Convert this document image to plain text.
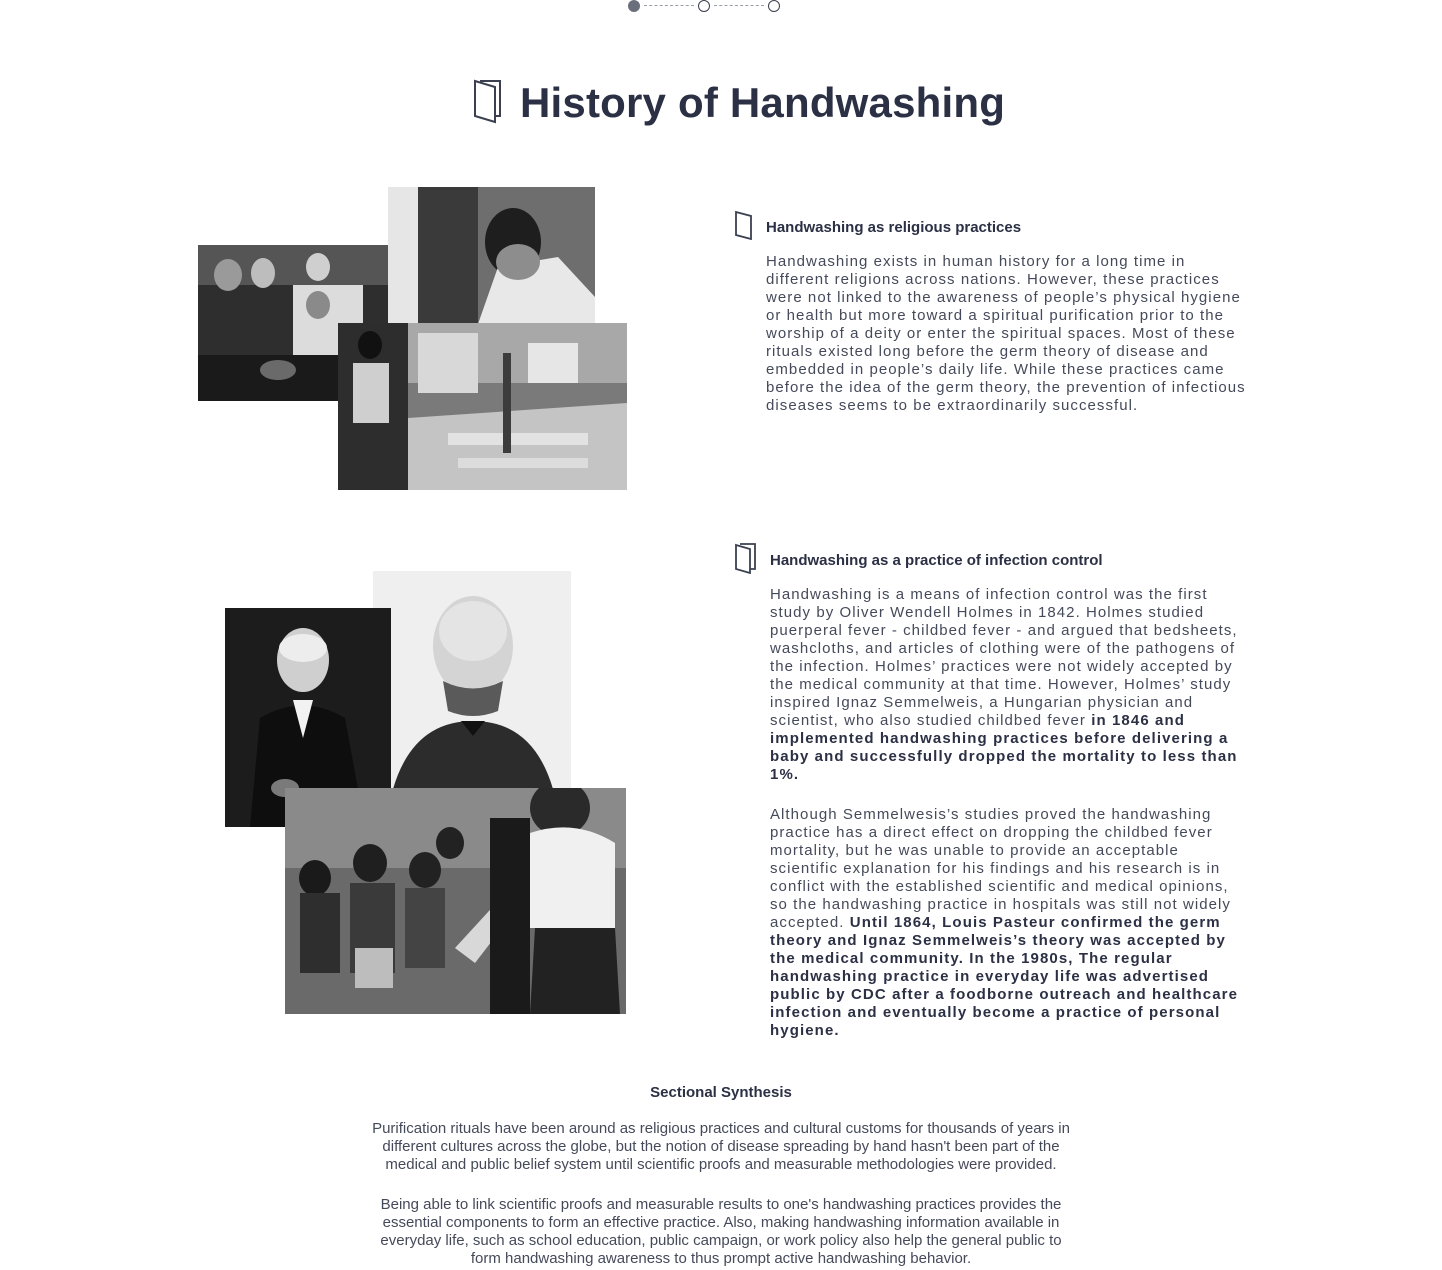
History of Handwashing
Handwashing as religious practices

Handwashing exists in human history for a long time in different religions across nations. However, these practices were not linked to the awareness of people’s physical hygiene or health but more toward a spiritual purification prior to the worship of a deity or enter the spiritual spaces. Most of these rituals existed long before the germ theory of disease and embedded in people’s daily life. While these practices came before the idea of the germ theory, the prevention of infectious diseases seems to be extraordinarily successful.

Handwashing as a practice of infection control

Handwashing is a means of infection control was the first study by Oliver Wendell Holmes in 1842. Holmes studied puerperal fever - childbed fever - and argued that bedsheets, washcloths, and articles of clothing were of the pathogens of the infection. Holmes’ practices were not widely accepted by the medical community at that time. However, Holmes’ study inspired Ignaz Semmelweis, a Hungarian physician and scientist, who also studied childbed fever in 1846 and implemented handwashing practices before delivering a baby and successfully dropped the mortality to less than 1%.

Although Semmelwesis’s studies proved the handwashing practice has a direct effect on dropping the childbed fever mortality, but he was unable to provide an acceptable scientific explanation for his findings and his research is in conflict with the established scientific and medical opinions, so the handwashing practice in hospitals was still not widely accepted. Until 1864, Louis Pasteur confirmed the germ theory and Ignaz Semmelweis’s theory was accepted by the medical community. In the 1980s, The regular handwashing practice in everyday life was advertised public by CDC after a foodborne outreach and healthcare infection and eventually become a practice of personal hygiene.

Sectional Synthesis

Purification rituals have been around as religious practices and cultural customs for thousands of years in different cultures across the globe, but the notion of disease spreading by hand hasn't been part of the medical and public belief system until scientific proofs and measurable methodologies were provided.

Being able to link scientific proofs and measurable results to one's handwashing practices provides the essential components to form an effective practice. Also, making handwashing information available in everyday life, such as school education, public campaign, or work policy also help the general public to form handwashing awareness to thus prompt active handwashing behavior.
